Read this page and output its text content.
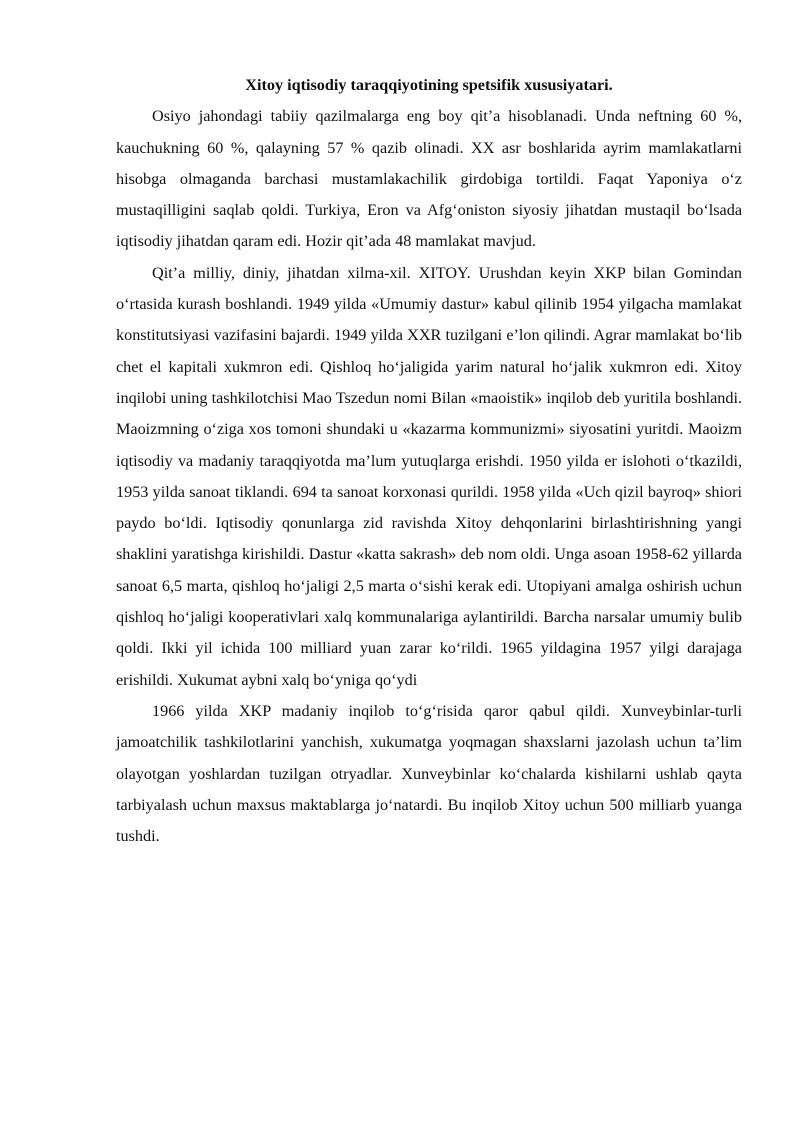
Xitoy iqtisodiy taraqqiyotining spetsifik xususiyatari.

Osiyo jahondagi tabiiy qazilmalarga eng boy qit’a hisoblanadi. Unda neftning 60 %, kauchukning 60 %, qalayning 57 % qazib olinadi. XX asr boshlarida ayrim mamlakatlarni hisobga olmaganda barchasi mustamlakachilik girdobiga tortildi. Faqat Yaponiya o‘z mustaqilligini saqlab qoldi. Turkiya, Eron va Afg‘oniston siyosiy jihatdan mustaqil bo‘lsada iqtisodiy jihatdan qaram edi. Hozir qit’ada 48 mamlakat mavjud.

Qit’a milliy, diniy, jihatdan xilma-xil. XITOY. Urushdan keyin XKP bilan Gomindan o‘rtasida kurash boshlandi. 1949 yilda «Umumiy dastur» kabul qilinib 1954 yilgacha mamlakat konstitutsiyasi vazifasini bajardi. 1949 yilda XXR tuzilgani e’lon qilindi. Agrar mamlakat bo‘lib chet el kapitali xukmron edi. Qishloq ho‘jaligida yarim natural ho‘jalik xukmron edi. Xitoy inqilobi uning tashkilotchisi Mao Tszedun nomi Bilan «maoistik» inqilob deb yuritila boshlandi. Maoizmning o‘ziga xos tomoni shundaki u «kazarma kommunizmi» siyosatini yuritdi. Maoizm iqtisodiy va madaniy taraqqiyotda ma’lum yutuqlarga erishdi. 1950 yilda er islohoti o‘tkazildi, 1953 yilda sanoat tiklandi. 694 ta sanoat korxonasi qurildi. 1958 yilda «Uch qizil bayroq» shiori paydo bo‘ldi. Iqtisodiy qonunlarga zid ravishda Xitoy dehqonlarini birlashtirishning yangi shaklini yaratishga kirishildi. Dastur «katta sakrash» deb nom oldi. Unga asoan 1958-62 yillarda sanoat 6,5 marta, qishloq ho‘jaligi 2,5 marta o‘sishi kerak edi. Utopiyani amalga oshirish uchun qishloq ho‘jaligi kooperativlari xalq kommunalariga aylantirildi. Barcha narsalar umumiy bulib qoldi. Ikki yil ichida 100 milliard yuan zarar ko‘rildi. 1965 yildagina 1957 yilgi darajaga erishildi. Xukumat aybni xalq bo‘yniga qo‘ydi

1966 yilda XKP madaniy inqilob to‘g‘risida qaror qabul qildi. Xunveybinlar-turli jamoatchilik tashkilotlarini yanchish, xukumatga yoqmagan shaxslarni jazolash uchun ta’lim olayotgan yoshlardan tuzilgan otryadlar. Xunveybinlar ko‘chalarda kishilarni ushlab qayta tarbiyalash uchun maxsus maktablarga jo‘natardi. Bu inqilob Xitoy uchun 500 milliarb yuanga tushdi.
